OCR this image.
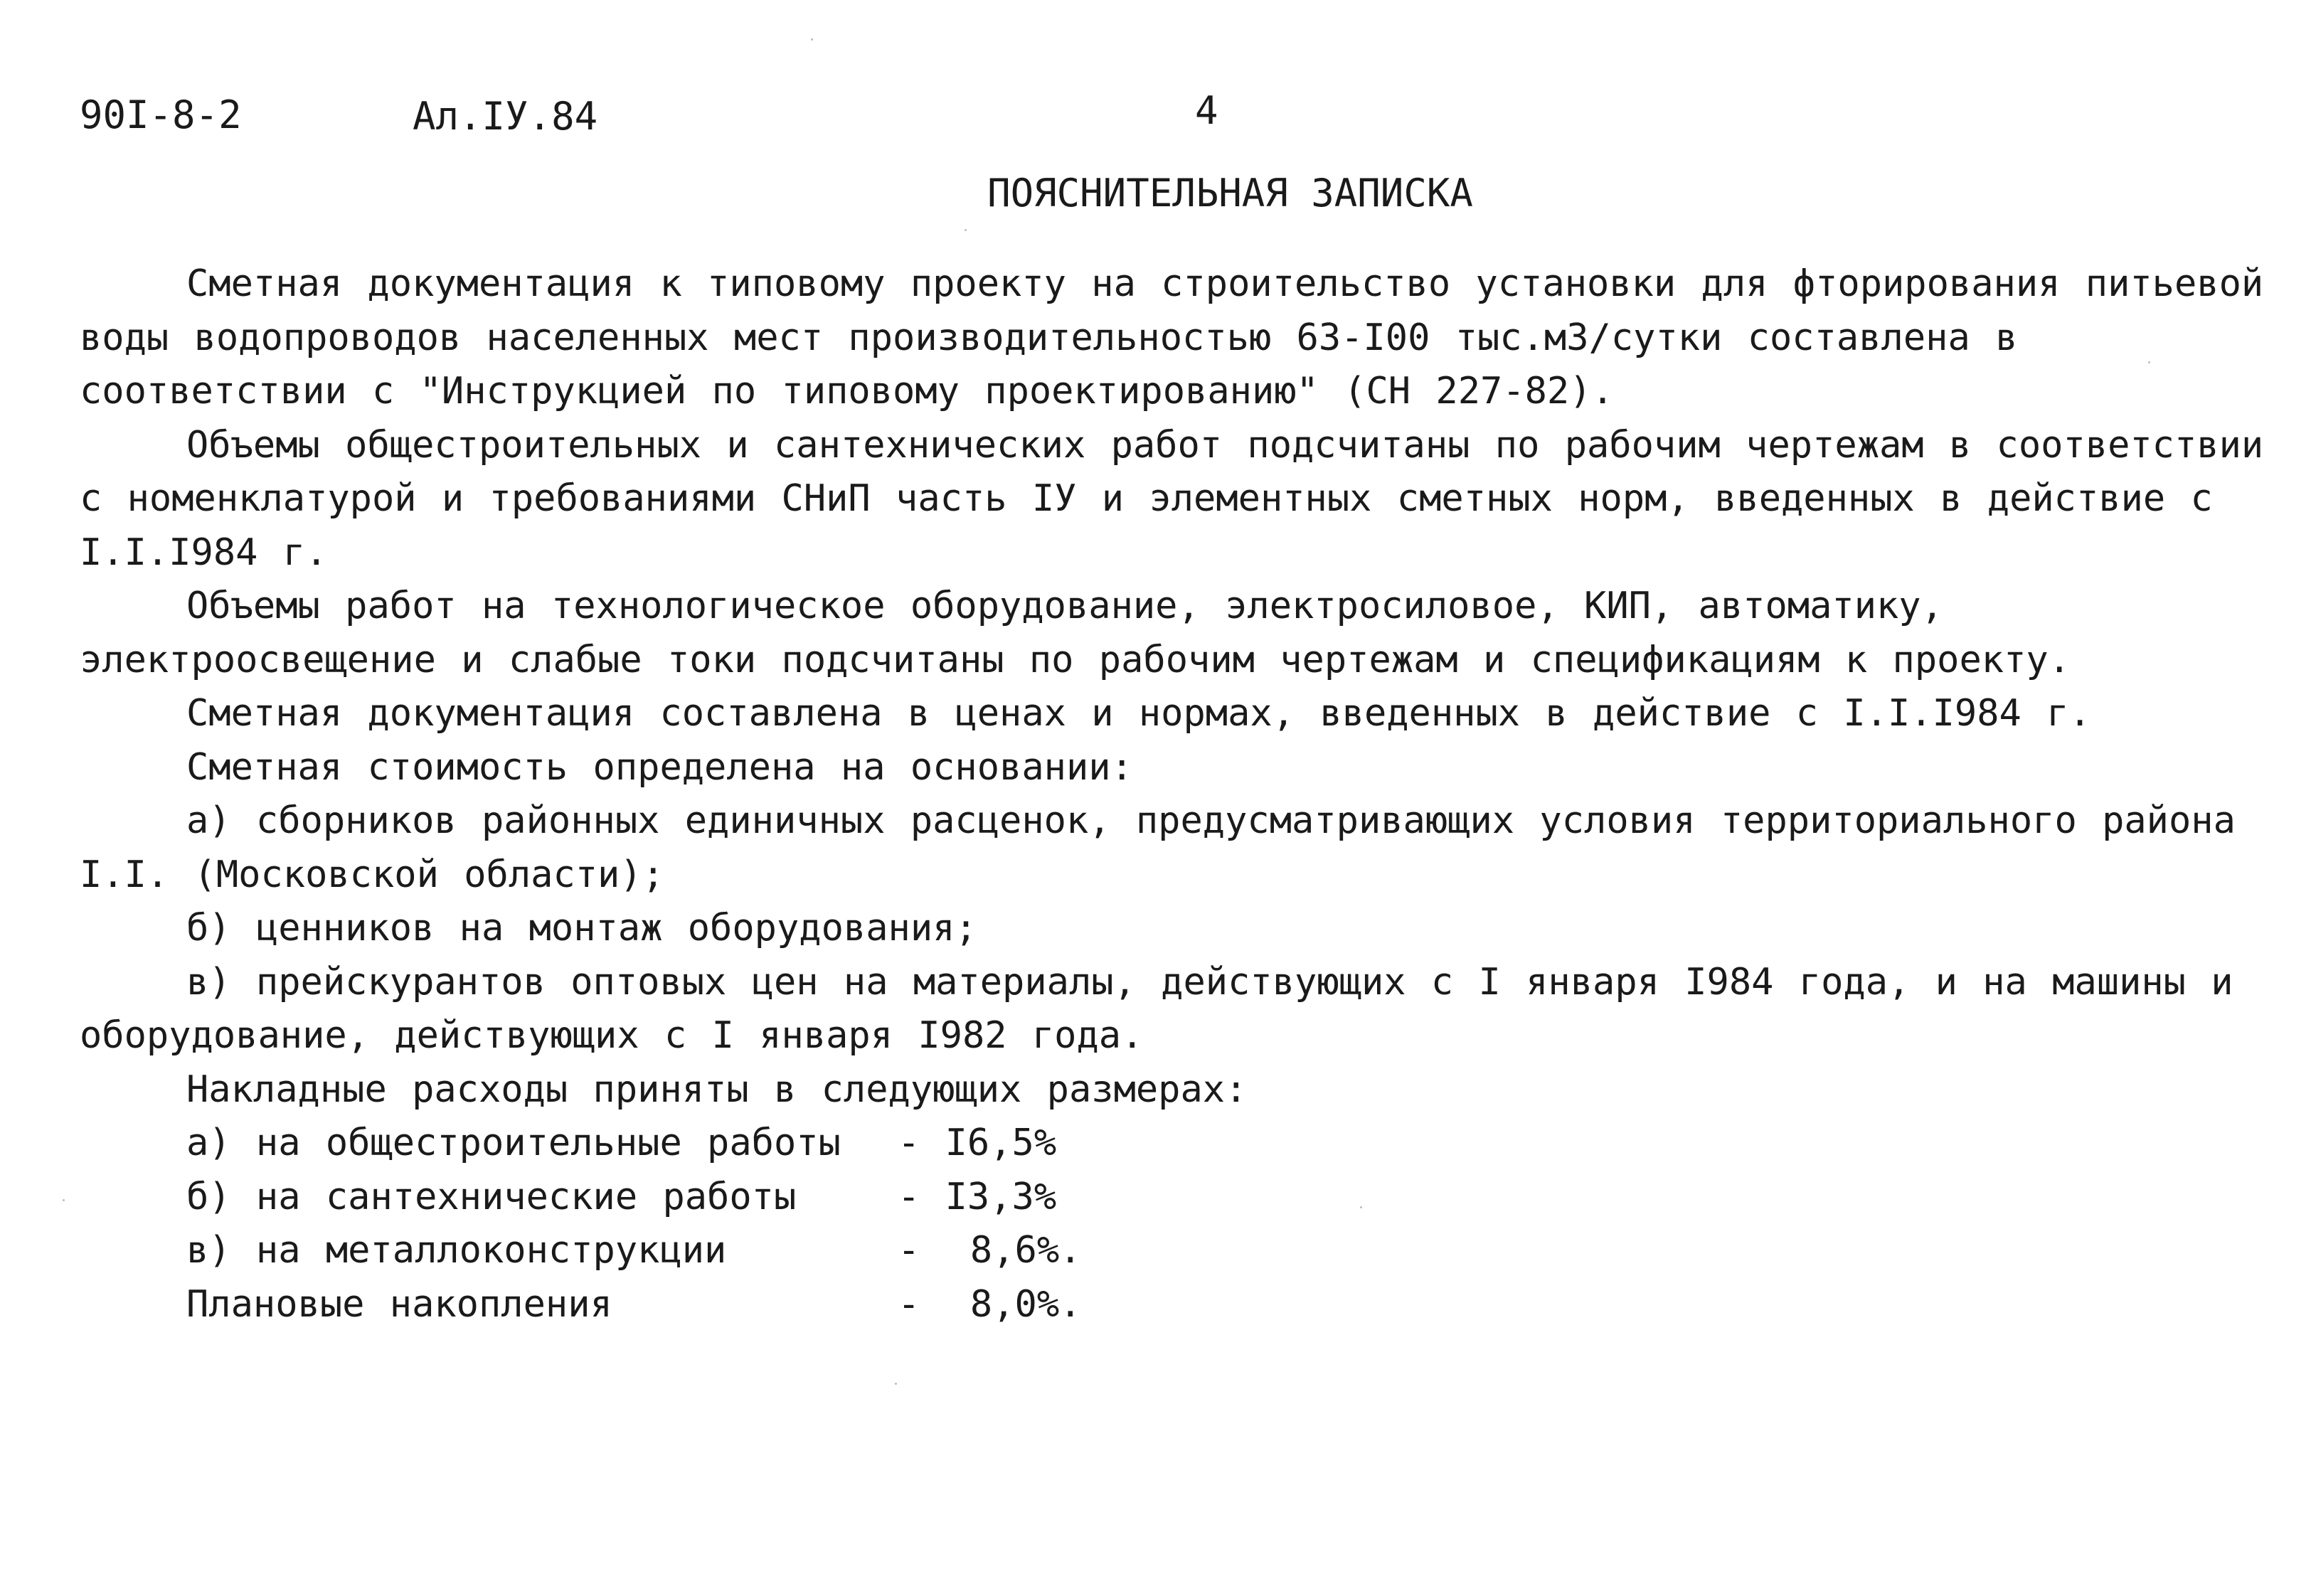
90I-8-2	Ал.IУ.84	4
ПОЯСНИТЕЛЬНАЯ ЗАПИСКА

Сметная документация к типовому проекту на строительство установки для фторирования питьевой воды водопроводов населенных мест производительностью 63-I00 тыс.м3/сутки составлена в соответствии с "Инструкцией по типовому проектированию" (СН 227-82).

Объемы общестроительных и сантехнических работ подсчитаны по рабочим чертежам в соответствии с номенклатурой и требованиями СНиП часть IУ и элементных сметных норм, введенных в действие с I.I.I984 г.

Объемы работ на технологическое оборудование, электросиловое, КИП, автоматику, электроосвещение и слабые токи подсчитаны по рабочим чертежам и спецификациям к проекту.

Сметная документация составлена в ценах и нормах, введенных в действие с I.I.I984 г.

Сметная стоимость определена на основании:

а) сборников районных единичных расценок, предусматривающих условия территориального района I.I. (Московской области);

б) ценников на монтаж оборудования;

в) прейскурантов оптовых цен на материалы, действующих с I января I984 года, и на машины и оборудование, действующих с I января I982 года.

Накладные расходы приняты в следующих размерах:

а) на общестроительные работы	- I6,5%
б) на сантехнические работы	- I3,3%
в) на металлоконструкции	-  8,6%.
Плановые накопления	-  8,0%.
